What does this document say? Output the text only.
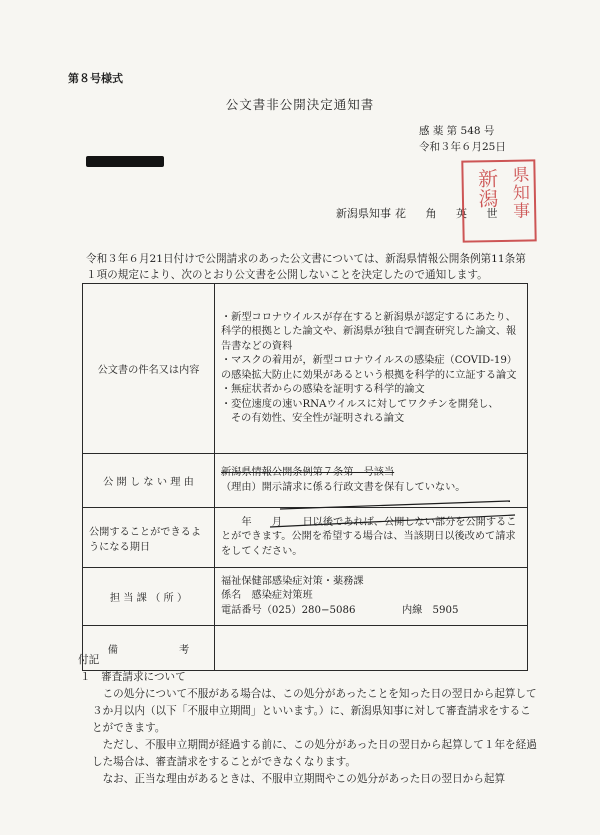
第８号様式
公文書非公開決定通知書
感 薬 第 548 号
令和３年６月25日
新潟県知事 花 角 英 世
新潟 県知事
令和３年６月21日付けで公開請求のあった公文書については、新潟県情報公開条例第11条第１項の規定により、次のとおり公文書を公開しないことを決定したので通知します。
公文書の件名又は内容	・新型コロナウイルスが存在すると新潟県が認定するにあたり、科学的根拠とした論文や、新潟県が独自で調査研究した論文、報告書などの資料
・マスクの着用が，新型コロナウイルスの感染症（COVID-19）の感染拡大防止に効果があるという根拠を科学的に立証する論文
・無症状者からの感染を証明する科学的論文
・変位速度の速いRNAウイルスに対してワクチンを開発し、
その有効性、安全性が証明される論文

公 開 し な い 理 由	新潟県情報公開条例第７条第　号該当
（理由）開示請求に係る行政文書を保有していない。

公開することができるようになる期日	　　年　　月　　日以後であれば、公開しない部分を公開することができます。公開を希望する場合は、当該期日以後改めて請求をしてください。
担 当 課 （ 所 ）	福祉保健部感染症対策・薬務課
係名　感染症対策班
電話番号（025）280−5086 内線　5905

備　　　　　　考	

付記

１　審査請求について

この処分について不服がある場合は、この処分があったことを知った日の翌日から起算して３か月以内（以下「不服申立期間」といいます。）に、新潟県知事に対して審査請求をすることができます。

ただし、不服申立期間が経過する前に、この処分があった日の翌日から起算して１年を経過した場合は、審査請求をすることができなくなります。

なお、正当な理由があるときは、不服申立期間やこの処分があった日の翌日から起算
